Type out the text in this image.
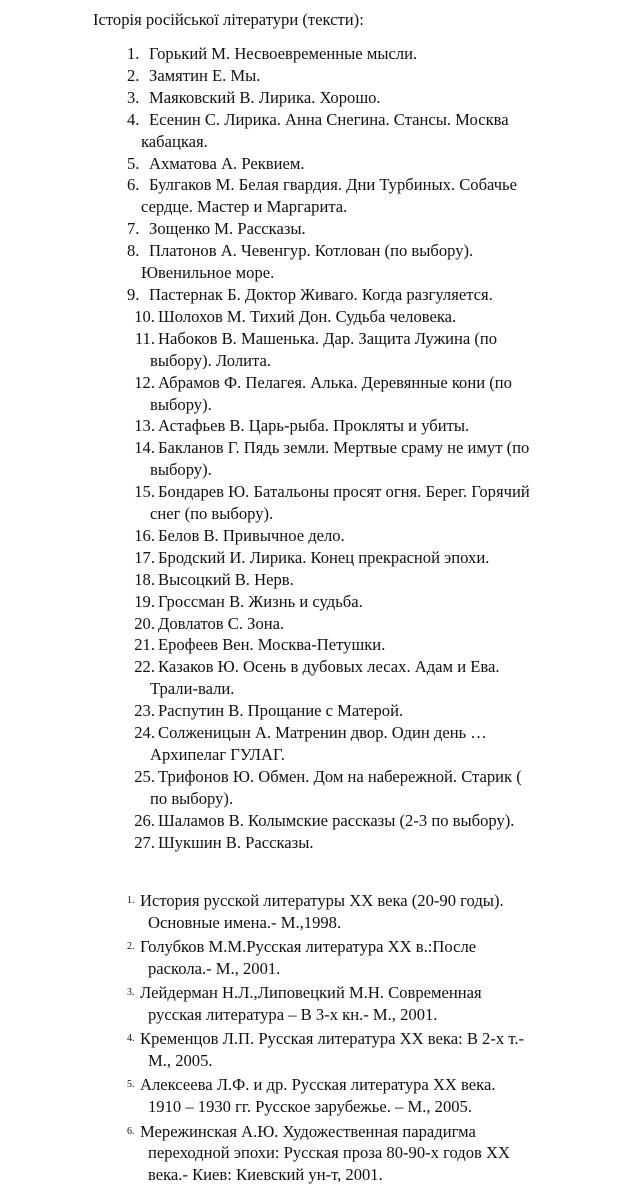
Історія російської літератури (тексти):
1. Горький М. Несвоевременные мысли.
2. Замятин Е. Мы.
3. Маяковский В. Лирика. Хорошо.
4. Есенин С. Лирика. Анна Снегина. Стансы. Москва
кабацкая.
5. Ахматова А. Реквием.
6. Булгаков М. Белая гвардия. Дни Турбиных. Собачье
сердце. Мастер и Маргарита.
7. Зощенко М. Рассказы.
8. Платонов А. Чевенгур. Котлован (по выбору).
Ювенильное море.
9. Пастернак Б. Доктор Живаго. Когда разгуляется.
10. Шолохов М. Тихий Дон. Судьба человека.
11. Набоков В. Машенька. Дар. Защита Лужина (по
выбору). Лолита.
12. Абрамов Ф. Пелагея. Алька. Деревянные кони (по
выбору).
13. Астафьев В. Царь-рыба. Прокляты и убиты.
14. Бакланов Г. Пядь земли. Мертвые сраму не имут (по
выбору).
15. Бондарев Ю. Батальоны просят огня. Берег. Горячий
снег (по выбору).
16. Белов В. Привычное дело.
17. Бродский И. Лирика. Конец прекрасной эпохи.
18. Высоцкий В. Нерв.
19. Гроссман В. Жизнь и судьба.
20. Довлатов С. Зона.
21. Ерофеев Вен. Москва-Петушки.
22. Казаков Ю. Осень в дубовых лесах. Адам и Ева.
Трали-вали.
23. Распутин В. Прощание с Матерой.
24. Солженицын А. Матренин двор. Один день …
Архипелаг ГУЛАГ.
25. Трифонов Ю. Обмен. Дом на набережной. Старик (
по выбору).
26. Шаламов В. Колымские рассказы (2-3 по выбору).
27. Шукшин В. Рассказы.
1. История русской литературы XX века (20-90 годы).
Основные имена.- М.,1998.
2. Голубков М.М.Русская литература XX в.:После
раскола.- М., 2001.
3. Лейдерман Н.Л.,Липовецкий М.Н. Современная
русская литература – В 3-х кн.- М., 2001.
4. Кременцов Л.П. Русская литература XX века: В 2-х т.-
М., 2005.
5. Алексеева Л.Ф. и др. Русская литература XX века.
1910 – 1930 гг. Русское зарубежье. – М., 2005.
6. Мережинская А.Ю. Художественная парадигма
переходной эпохи: Русская проза 80-90-х годов XX
века.- Киев: Киевский ун-т, 2001.
